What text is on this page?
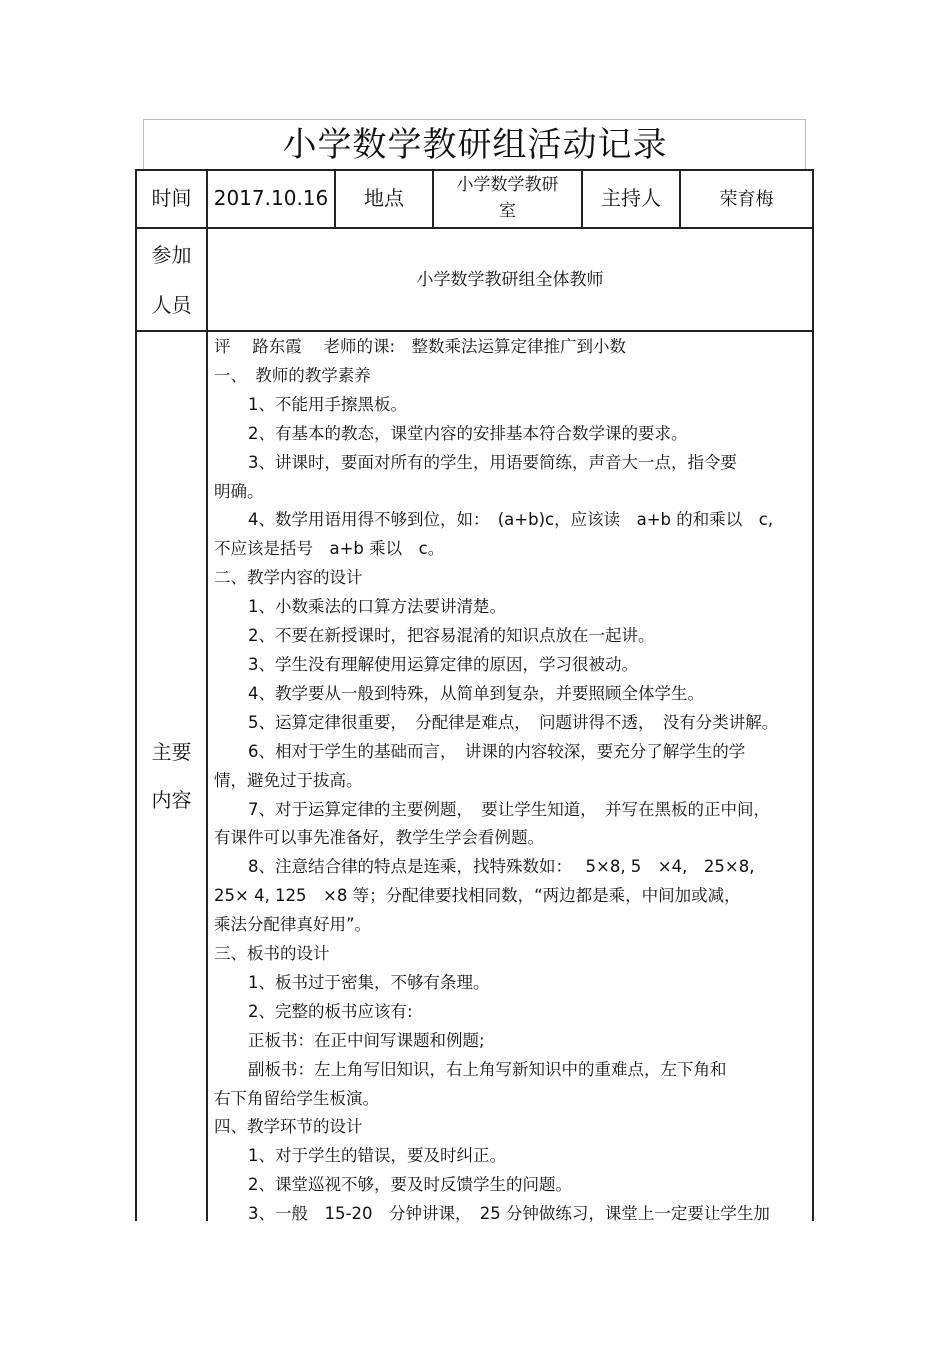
小学数学教研组活动记录
时间 2017.10.16 地点
小学数学教研
室
主持人	荣育梅
参加
人员
小学数学教研组全体教师
主要
内容
评　 路东霞　 老师的课:　整数乘法运算定律推广到小数
一、　教师的教学素养
1、不能用手擦黑板。
2、有基本的教态，课堂内容的安排基本符合数学课的要求。
3、讲课时，要面对所有的学生，用语要简练，声音大一点，指令要
明确。
4、数学用语用得不够到位，如：　(a+b)c，应该读　a+b 的和乘以　c,
不应该是括号　a+b 乘以　c。
二、教学内容的设计
1、小数乘法的口算方法要讲清楚。
2、不要在新授课时，把容易混淆的知识点放在一起讲。
3、学生没有理解使用运算定律的原因，学习很被动。
4、教学要从一般到特殊，从简单到复杂，并要照顾全体学生。
5、运算定律很重要，　分配律是难点，　问题讲得不透，　没有分类讲解。
6、相对于学生的基础而言，　讲课的内容较深，要充分了解学生的学
情，避免过于拔高。
7、对于运算定律的主要例题，　要让学生知道，　并写在黑板的正中间，
有课件可以事先准备好，教学生学会看例题。
8、注意结合律的特点是连乘，找特殊数如：　 5×8, 5　×4,　25×8,
25× 4, 125　×8 等；分配律要找相同数，“两边都是乘，中间加或减，
乘法分配律真好用”。
三、板书的设计
1、板书过于密集，不够有条理。
2、完整的板书应该有:
正板书：在正中间写课题和例题;
副板书：左上角写旧知识，右上角写新知识中的重难点，左下角和
右下角留给学生板演。
四、教学环节的设计
1、对于学生的错误，要及时纠正。
2、课堂巡视不够，要及时反馈学生的问题。
3、一般　15-20　分钟讲课，　25 分钟做练习，课堂上一定要让学生加
